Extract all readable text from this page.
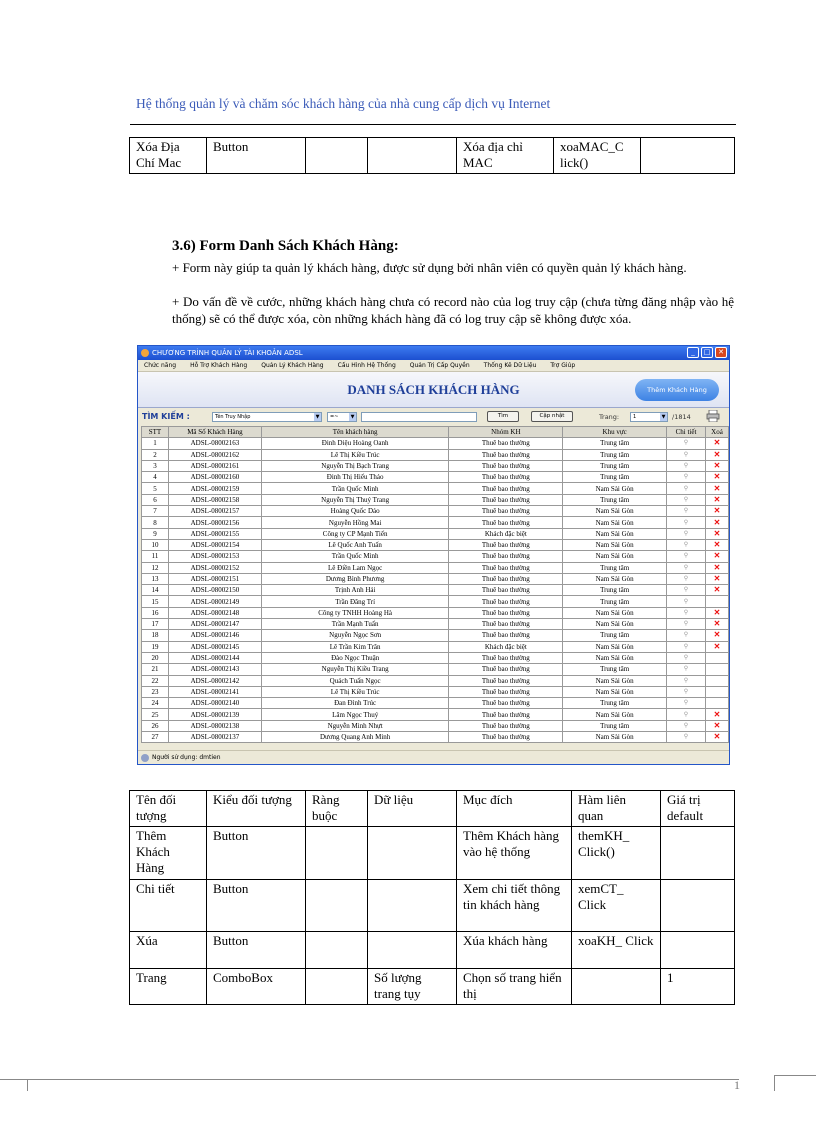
Hệ thống quản lý và chăm sóc khách hàng của nhà cung cấp dịch vụ Internet
Xóa Địa Chí Mac	Button			Xóa địa chỉ MAC	xoaMAC_C lick()	
3.6) Form Danh Sách Khách Hàng:
+ Form này giúp ta quản lý khách hàng, được sử dụng bởi nhân viên có quyền quản lý khách hàng.
+ Do vấn đề về cước, những khách hàng chưa có record nào của log truy cập (chưa từng đăng nhập vào hệ thống) sẽ có thể được xóa, còn những khách hàng đã có log truy cập sẽ không được xóa.
CHƯƠNG TRÌNH QUẢN LÝ TÀI KHOẢN ADSL	_	□	✕
Chức năng Hỗ Trợ Khách Hàng Quản Lý Khách Hàng Cấu Hình Hệ Thống Quản Trị Cấp Quyền Thống Kê Dữ Liệu Trợ Giúp
DANH SÁCH KHÁCH HÀNG	Thêm Khách Hàng
TÌM KIẾM :	Tên Truy Nhập	▼	=~	▼	Tìm	Cập nhật	Trang:	1	▼ /1814
STT	Mã Số Khách Hàng	Tên khách hàng	Nhóm KH	Khu vực	Chi tiết	Xoá
1	ADSL-08002163	Đinh Diệu Hoàng Oanh	Thuê bao thường	Trung tâm	⚲	✕
2	ADSL-08002162	Lê Thị Kiều Trúc	Thuê bao thường	Trung tâm	⚲	✕
3	ADSL-08002161	Nguyễn Thị Bạch Trang	Thuê bao thường	Trung tâm	⚲	✕
4	ADSL-08002160	Đinh Thị Hiếu Thảo	Thuê bao thường	Trung tâm	⚲	✕
5	ADSL-08002159	Trần Quốc Minh	Thuê bao thường	Nam Sài Gòn	⚲	✕
6	ADSL-08002158	Nguyễn Thị Thuý Trang	Thuê bao thường	Trung tâm	⚲	✕
7	ADSL-08002157	Hoàng Quốc Dảo	Thuê bao thường	Nam Sài Gòn	⚲	✕
8	ADSL-08002156	Nguyễn Hồng Mai	Thuê bao thường	Nam Sài Gòn	⚲	✕
9	ADSL-08002155	Công ty CP Mạnh Tiến	Khách đặc biệt	Nam Sài Gòn	⚲	✕
10	ADSL-08002154	Lê Quốc Anh Tuấn	Thuê bao thường	Nam Sài Gòn	⚲	✕
11	ADSL-08002153	Trần Quốc Minh	Thuê bao thường	Nam Sài Gòn	⚲	✕
12	ADSL-08002152	Lê Điền Lam Ngọc	Thuê bao thường	Trung tâm	⚲	✕
13	ADSL-08002151	Dương Bình Phương	Thuê bao thường	Nam Sài Gòn	⚲	✕
14	ADSL-08002150	Trịnh Anh Hải	Thuê bao thường	Trung tâm	⚲	✕
15	ADSL-08002149	Trần Đăng Trí	Thuê bao thường	Trung tâm	⚲	
16	ADSL-08002148	Công ty TNHH Hoàng Hà	Thuê bao thường	Nam Sài Gòn	⚲	✕
17	ADSL-08002147	Trần Mạnh Tuấn	Thuê bao thường	Nam Sài Gòn	⚲	✕
18	ADSL-08002146	Nguyễn Ngọc Sơn	Thuê bao thường	Trung tâm	⚲	✕
19	ADSL-08002145	Lê Trần Kim Trân	Khách đặc biệt	Nam Sài Gòn	⚲	✕
20	ADSL-08002144	Đào Ngọc Thuận	Thuê bao thường	Nam Sài Gòn	⚲	
21	ADSL-08002143	Nguyễn Thị Kiều Trang	Thuê bao thường	Trung tâm	⚲	
22	ADSL-08002142	Quách Tuấn Ngọc	Thuê bao thường	Nam Sài Gòn	⚲	
23	ADSL-08002141	Lê Thị Kiều Trúc	Thuê bao thường	Nam Sài Gòn	⚲	
24	ADSL-08002140	Đan Đình Trúc	Thuê bao thường	Trung tâm	⚲	
25	ADSL-08002139	Lâm Ngọc Thuý	Thuê bao thường	Nam Sài Gòn	⚲	✕
26	ADSL-08002138	Nguyễn Minh Nhựt	Thuê bao thường	Trung tâm	⚲	✕
27	ADSL-08002137	Dương Quang Anh Minh	Thuê bao thường	Nam Sài Gòn	⚲	✕
Người sử dụng: dmtien
Tên đối tượng	Kiểu đối tượng	Ràng buộc	Dữ liệu	Mục đích	Hàm liên quan	Giá trị default
Thêm Khách Hàng	Button			Thêm Khách hàng vào hệ thống	themKH_ Click()	
Chi tiết	Button			Xem chi tiết thông tin khách hàng	xemCT_ Click	
Xúa	Button			Xúa khách hàng	xoaKH_ Click	
Trang	ComboBox		Số lượng trang tụy	Chọn số trang hiển thị		1
1
